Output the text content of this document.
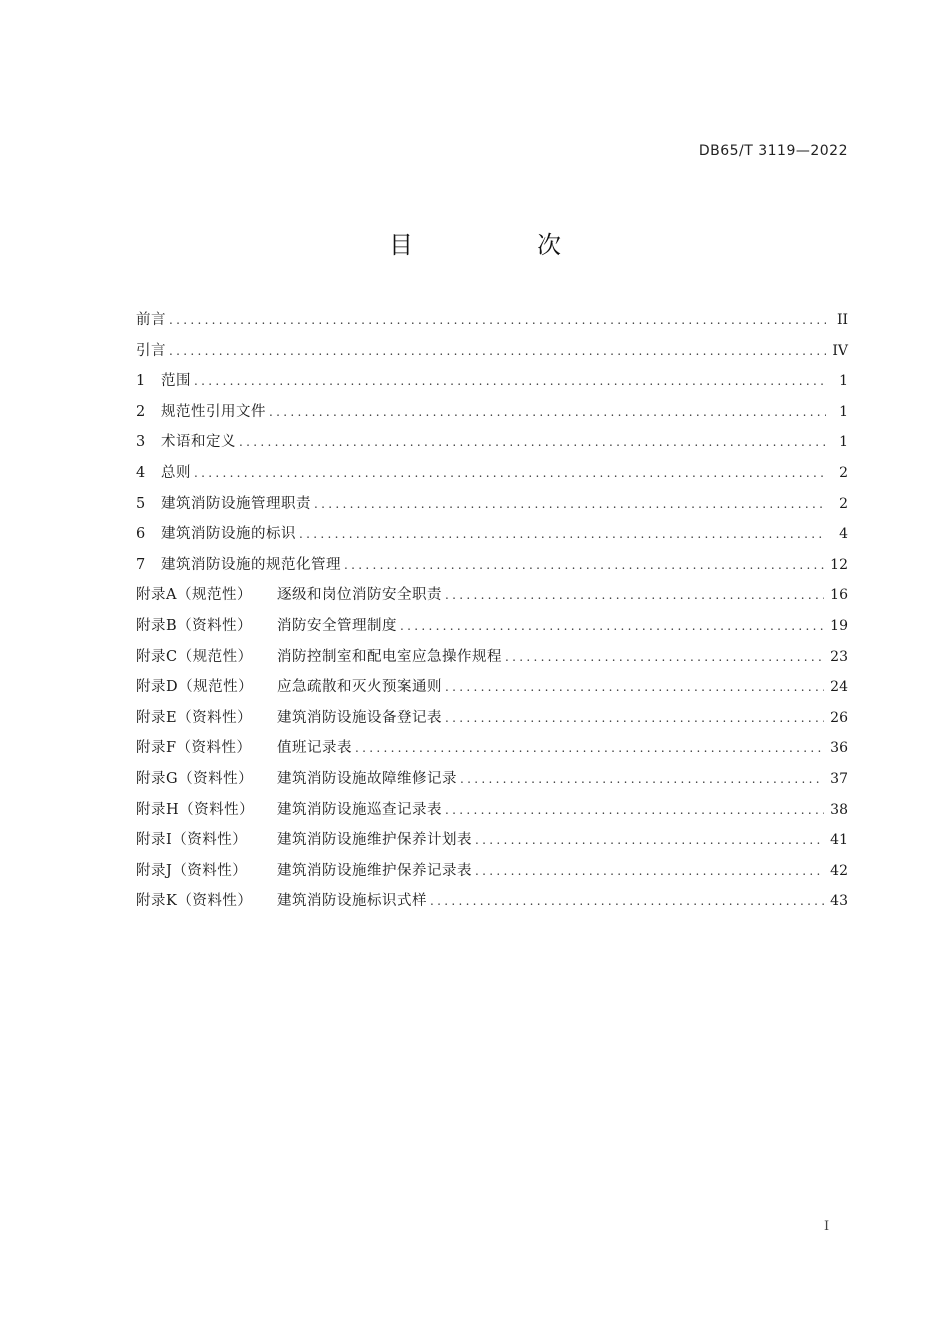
DB65/T 3119—2022
目　次
前言 .....	II
引言 .....	IV
1	范围 .....	1
2	规范性引用文件 .....	1
3	术语和定义 .....	1
4	总则 .....	2
5	建筑消防设施管理职责 .....	2
6	建筑消防设施的标识 .....	4
7	建筑消防设施的规范化管理 .....	12
附录A（规范性）	逐级和岗位消防安全职责 .....	16
附录B（资料性）	消防安全管理制度 .....	19
附录C（规范性）	消防控制室和配电室应急操作规程 .....	23
附录D（规范性）	应急疏散和灭火预案通则 .....	24
附录E（资料性）	建筑消防设施设备登记表 .....	26
附录F（资料性）	值班记录表 .....	36
附录G（资料性）	建筑消防设施故障维修记录 .....	37
附录H（资料性）	建筑消防设施巡查记录表 .....	38
附录I（资料性）	建筑消防设施维护保养计划表 .....	41
附录J（资料性）	建筑消防设施维护保养记录表 .....	42
附录K（资料性）	建筑消防设施标识式样 .....	43
I
